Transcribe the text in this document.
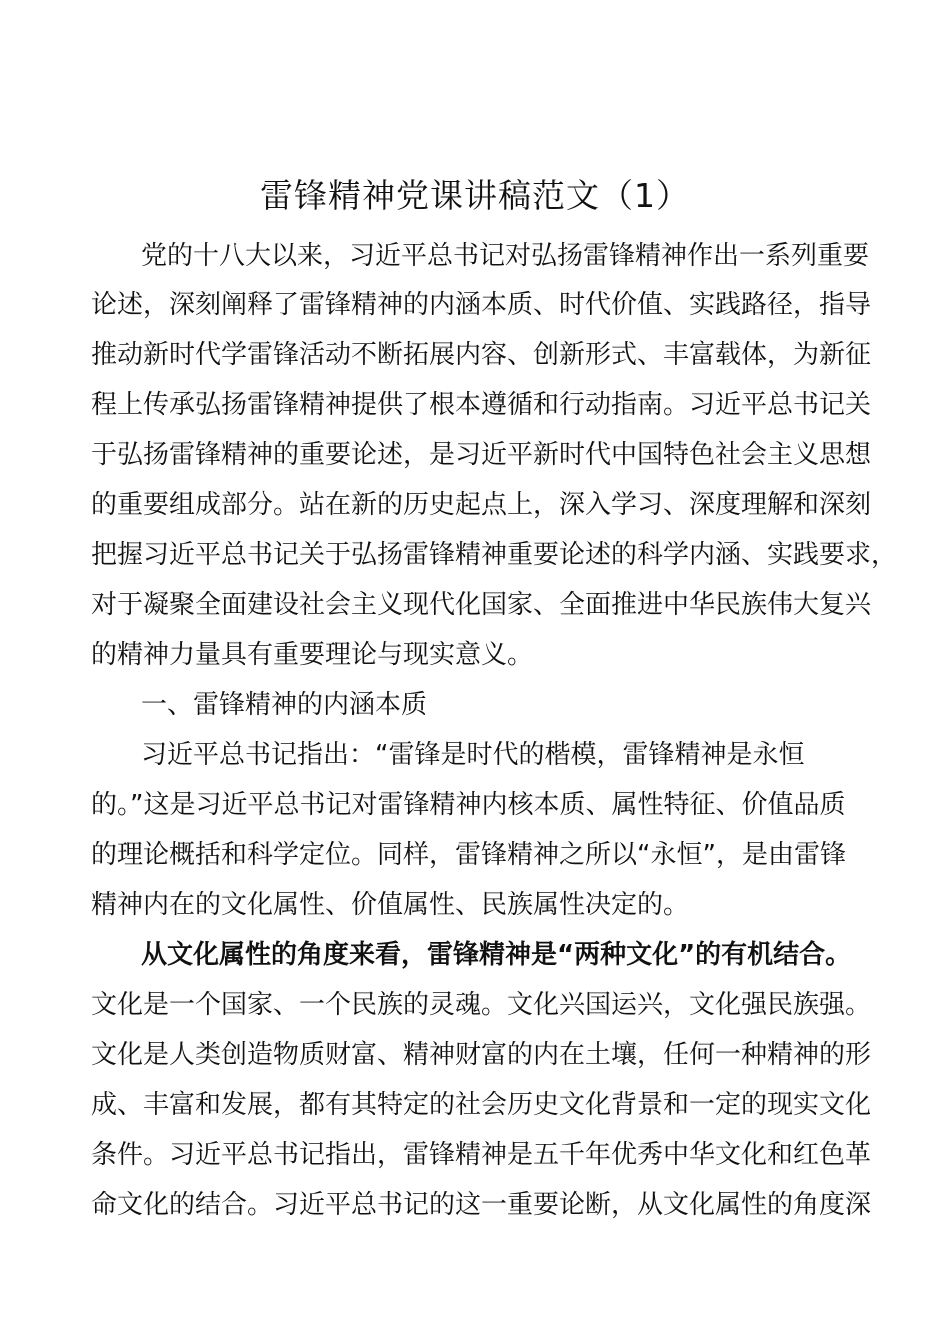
雷锋精神党课讲稿范文（1）
党的十八大以来，习近平总书记对弘扬雷锋精神作出一系列重要
论述，深刻阐释了雷锋精神的内涵本质、时代价值、实践路径，指导
推动新时代学雷锋活动不断拓展内容、创新形式、丰富载体，为新征
程上传承弘扬雷锋精神提供了根本遵循和行动指南。习近平总书记关
于弘扬雷锋精神的重要论述，是习近平新时代中国特色社会主义思想
的重要组成部分。站在新的历史起点上，深入学习、深度理解和深刻
把握习近平总书记关于弘扬雷锋精神重要论述的科学内涵、实践要求，
对于凝聚全面建设社会主义现代化国家、全面推进中华民族伟大复兴
的精神力量具有重要理论与现实意义。
一、雷锋精神的内涵本质
习近平总书记指出：“雷锋是时代的楷模，雷锋精神是永恒
的。”这是习近平总书记对雷锋精神内核本质、属性特征、价值品质
的理论概括和科学定位。同样，雷锋精神之所以“永恒”，是由雷锋
精神内在的文化属性、价值属性、民族属性决定的。
从文化属性的角度来看，雷锋精神是“两种文化”的有机结合。
文化是一个国家、一个民族的灵魂。文化兴国运兴，文化强民族强。
文化是人类创造物质财富、精神财富的内在土壤，任何一种精神的形
成、丰富和发展，都有其特定的社会历史文化背景和一定的现实文化
条件。习近平总书记指出，雷锋精神是五千年优秀中华文化和红色革
命文化的结合。习近平总书记的这一重要论断，从文化属性的角度深
